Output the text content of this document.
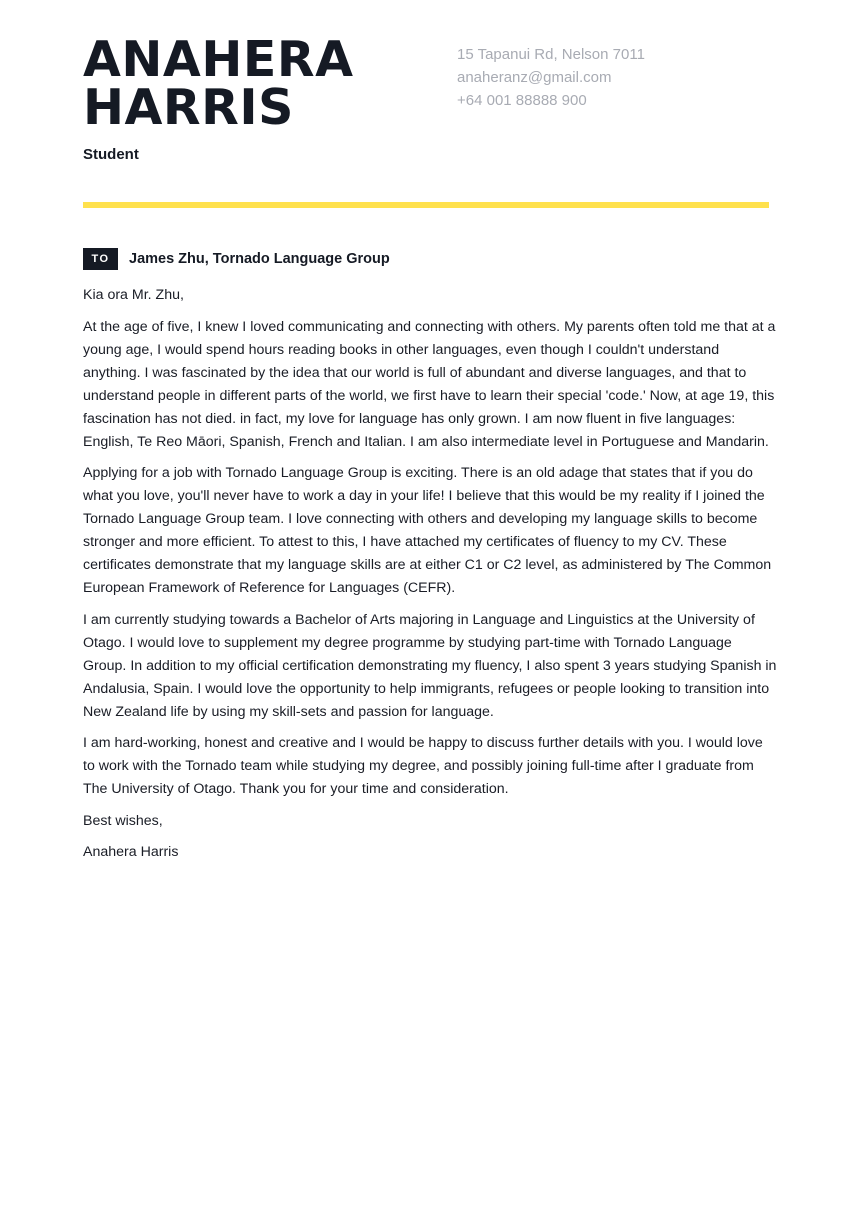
ANAHERA
HARRIS
Student
15 Tapanui Rd, Nelson 7011
anaheranz@gmail.com
+64 001 88888 900
TO	James Zhu, Tornado Language Group

Kia ora Mr. Zhu,

At the age of five, I knew I loved communicating and connecting with others. My parents often told me that at a young age, I would spend hours reading books in other languages, even though I couldn't understand anything. I was fascinated by the idea that our world is full of abundant and diverse languages, and that to understand people in different parts of the world, we first have to learn their special 'code.' Now, at age 19, this fascination has not died. in fact, my love for language has only grown. I am now fluent in five languages: English, Te Reo Māori, Spanish, French and Italian. I am also intermediate level in Portuguese and Mandarin.

Applying for a job with Tornado Language Group is exciting. There is an old adage that states that if you do what you love, you'll never have to work a day in your life! I believe that this would be my reality if I joined the Tornado Language Group team. I love connecting with others and developing my language skills to become stronger and more efficient. To attest to this, I have attached my certificates of fluency to my CV. These certificates demonstrate that my language skills are at either C1 or C2 level, as administered by The Common European Framework of Reference for Languages (CEFR).

I am currently studying towards a Bachelor of Arts majoring in Language and Linguistics at the University of Otago. I would love to supplement my degree programme by studying part-time with Tornado Language Group. In addition to my official certification demonstrating my fluency, I also spent 3 years studying Spanish in Andalusia, Spain. I would love the opportunity to help immigrants, refugees or people looking to transition into New Zealand life by using my skill-sets and passion for language.

I am hard-working, honest and creative and I would be happy to discuss further details with you. I would love to work with the Tornado team while studying my degree, and possibly joining full-time after I graduate from The University of Otago. Thank you for your time and consideration.

Best wishes,

Anahera Harris
